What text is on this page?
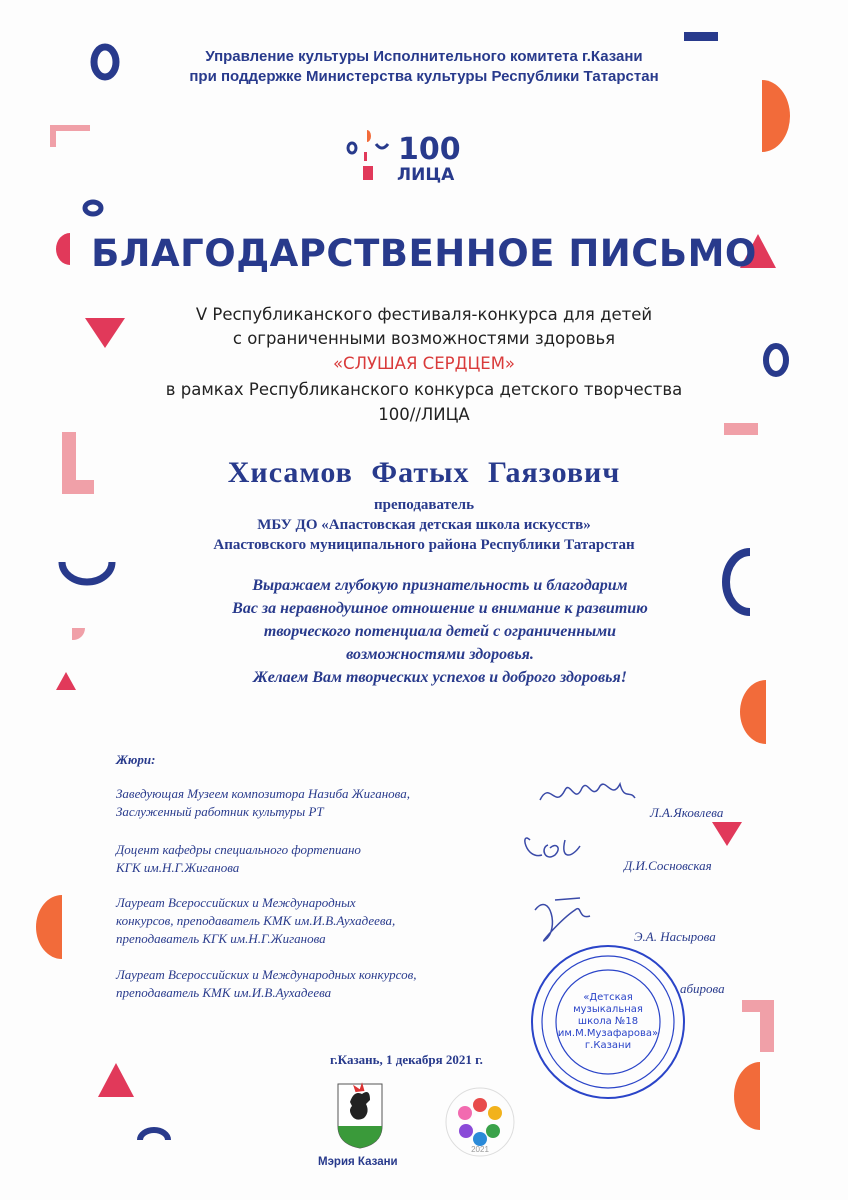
Управление культуры Исполнительного комитета г.Казани
при поддержке Министерства культуры Республики Татарстан
100
ЛИЦА
БЛАГОДАРСТВЕННОЕ ПИСЬМО
V Республиканского фестиваля-конкурса для детей
с ограниченными возможностями здоровья
«СЛУШАЯ СЕРДЦЕМ»
в рамках Республиканского конкурса детского творчества
100//ЛИЦА
Хисамов Фатых Гаязович
преподаватель
МБУ ДО «Апастовская детская школа искусств»
Апастовского муниципального района Республики Татарстан
Выражаем глубокую признательность и благодарим
Вас за неравнодушное отношение и внимание к развитию
творческого потенциала детей с ограниченными
возможностями здоровья.
Желаем Вам творческих успехов и доброго здоровья!
Жюри:
Заведующая Музеем композитора Назиба Жиганова,
Заслуженный работник культуры РТ
Доцент кафедры специального фортепиано
КГК им.Н.Г.Жиганова
Лауреат Всероссийских и Международных
конкурсов, преподаватель КМК им.И.В.Аухадеева,
преподаватель КГК им.Н.Г.Жиганова
Лауреат Всероссийских и Международных конкурсов,
преподаватель КМК им.И.В.Аухадеева
Л.А.Яковлева
Д.И.Сосновская
Э.А. Насырова
абирова
«Детская
музыкальная
школа №18
им.М.Музафарова»
г.Казани
г.Казань, 1 декабря 2021 г.
Мэрия Казани
2021
